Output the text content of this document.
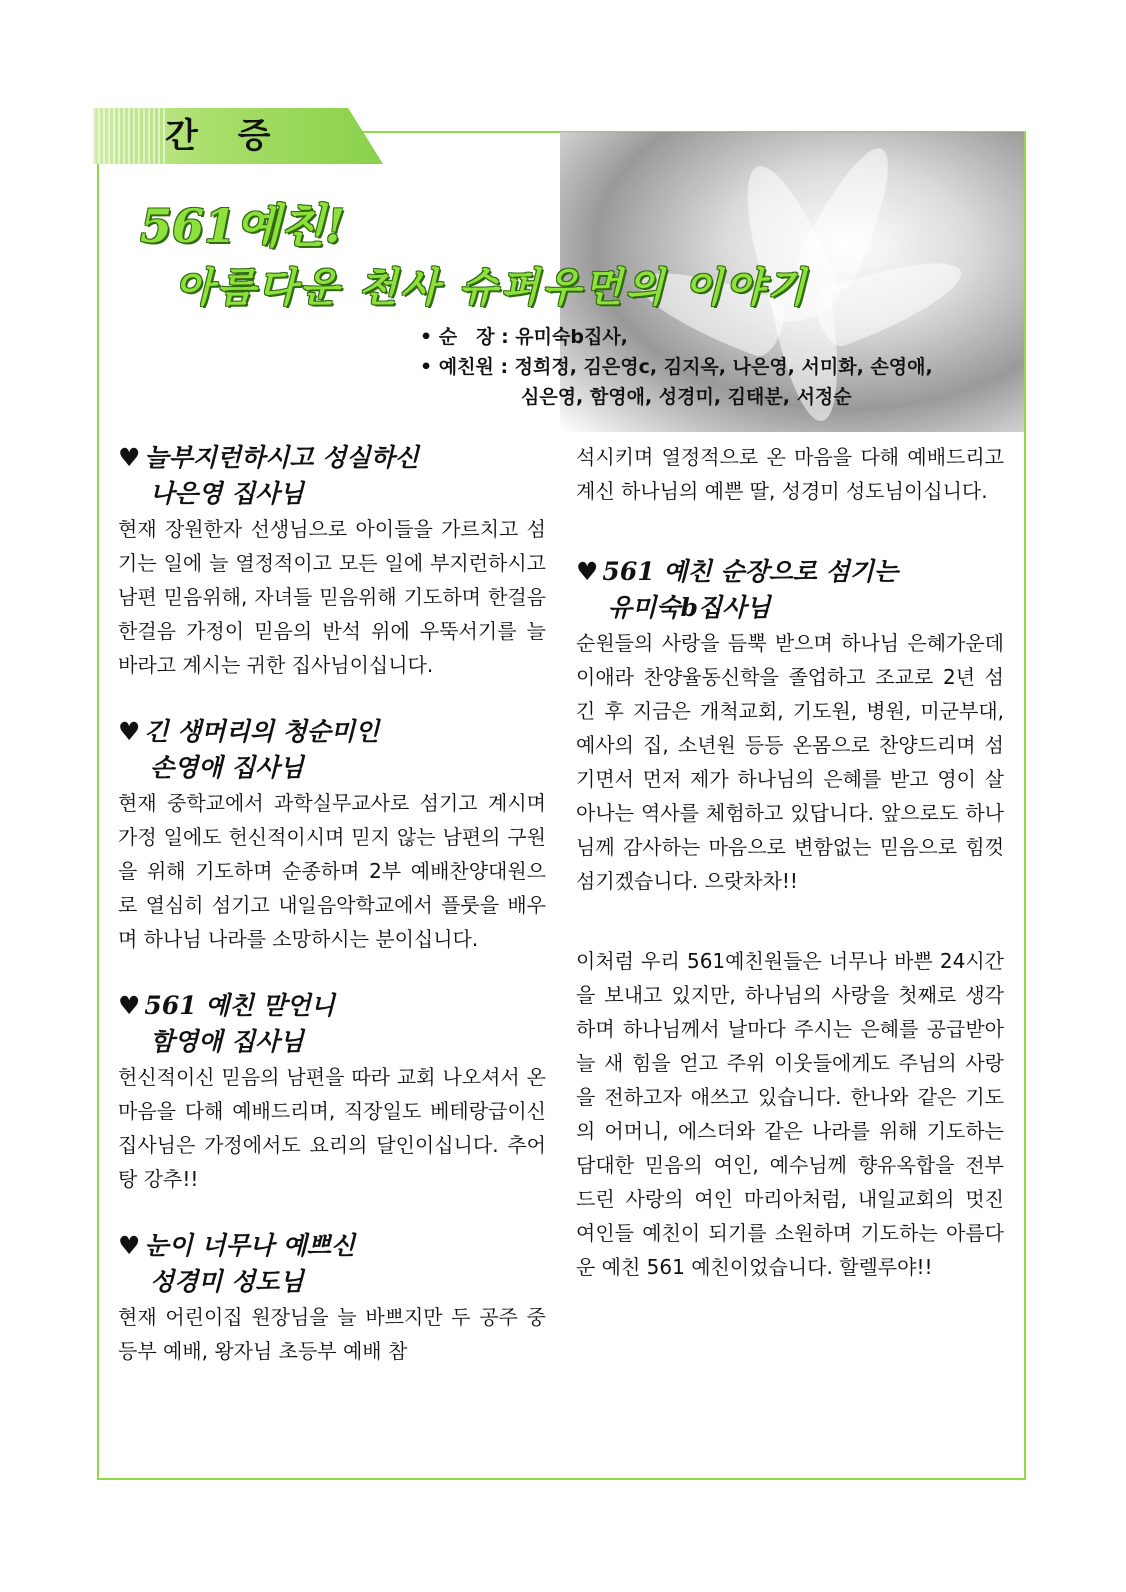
간 증
561예친!
아름다운 천사 슈퍼우먼의 이야기
• 순　장 : 유미숙b집사,
• 예친원 : 정희정, 김은영c, 김지옥, 나은영, 서미화, 손영애,
심은영, 함영애, 성경미, 김태분, 서정순
♥ 늘부지런하시고 성실하신
나은영 집사님

현재 장원한자 선생님으로 아이들을 가르치고 섬기는 일에 늘 열정적이고 모든 일에 부지런하시고 남편 믿음위해, 자녀들 믿음위해 기도하며 한걸음 한걸음 가정이 믿음의 반석 위에 우뚝서기를 늘 바라고 계시는 귀한 집사님이십니다.

♥ 긴 생머리의 청순미인
손영애 집사님

현재 중학교에서 과학실무교사로 섬기고 계시며 가정 일에도 헌신적이시며 믿지 않는 남편의 구원을 위해 기도하며 순종하며 2부 예배찬양대원으로 열심히 섬기고 내일음악학교에서 플룻을 배우며 하나님 나라를 소망하시는 분이십니다.

♥ 561 예친 맏언니
함영애 집사님

헌신적이신 믿음의 남편을 따라 교회 나오셔서 온 마음을 다해 예배드리며, 직장일도 베테랑급이신 집사님은 가정에서도 요리의 달인이십니다. 추어탕 강추!!

♥ 눈이 너무나 예쁘신
성경미 성도님

현재 어린이집 원장님을 늘 바쁘지만 두 공주 중등부 예배, 왕자님 초등부 예배 참

석시키며 열정적으로 온 마음을 다해 예배드리고 계신 하나님의 예쁜 딸, 성경미 성도님이십니다.

♥ 561 예친 순장으로 섬기는
유미숙b집사님

순원들의 사랑을 듬뿍 받으며 하나님 은혜가운데 이애라 찬양율동신학을 졸업하고 조교로 2년 섬긴 후 지금은 개척교회, 기도원, 병원, 미군부대, 예사의 집, 소년원 등등 온몸으로 찬양드리며 섬기면서 먼저 제가 하나님의 은혜를 받고 영이 살아나는 역사를 체험하고 있답니다. 앞으로도 하나님께 감사하는 마음으로 변함없는 믿음으로 힘껏 섬기겠습니다. 으랏차차!!

이처럼 우리 561예친원들은 너무나 바쁜 24시간을 보내고 있지만, 하나님의 사랑을 첫째로 생각하며 하나님께서 날마다 주시는 은혜를 공급받아 늘 새 힘을 얻고 주위 이웃들에게도 주님의 사랑을 전하고자 애쓰고 있습니다. 한나와 같은 기도의 어머니, 에스더와 같은 나라를 위해 기도하는 담대한 믿음의 여인, 예수님께 향유옥합을 전부 드린 사랑의 여인 마리아처럼, 내일교회의 멋진 여인들 예친이 되기를 소원하며 기도하는 아름다운 예친 561 예친이었습니다. 할렐루야!!
